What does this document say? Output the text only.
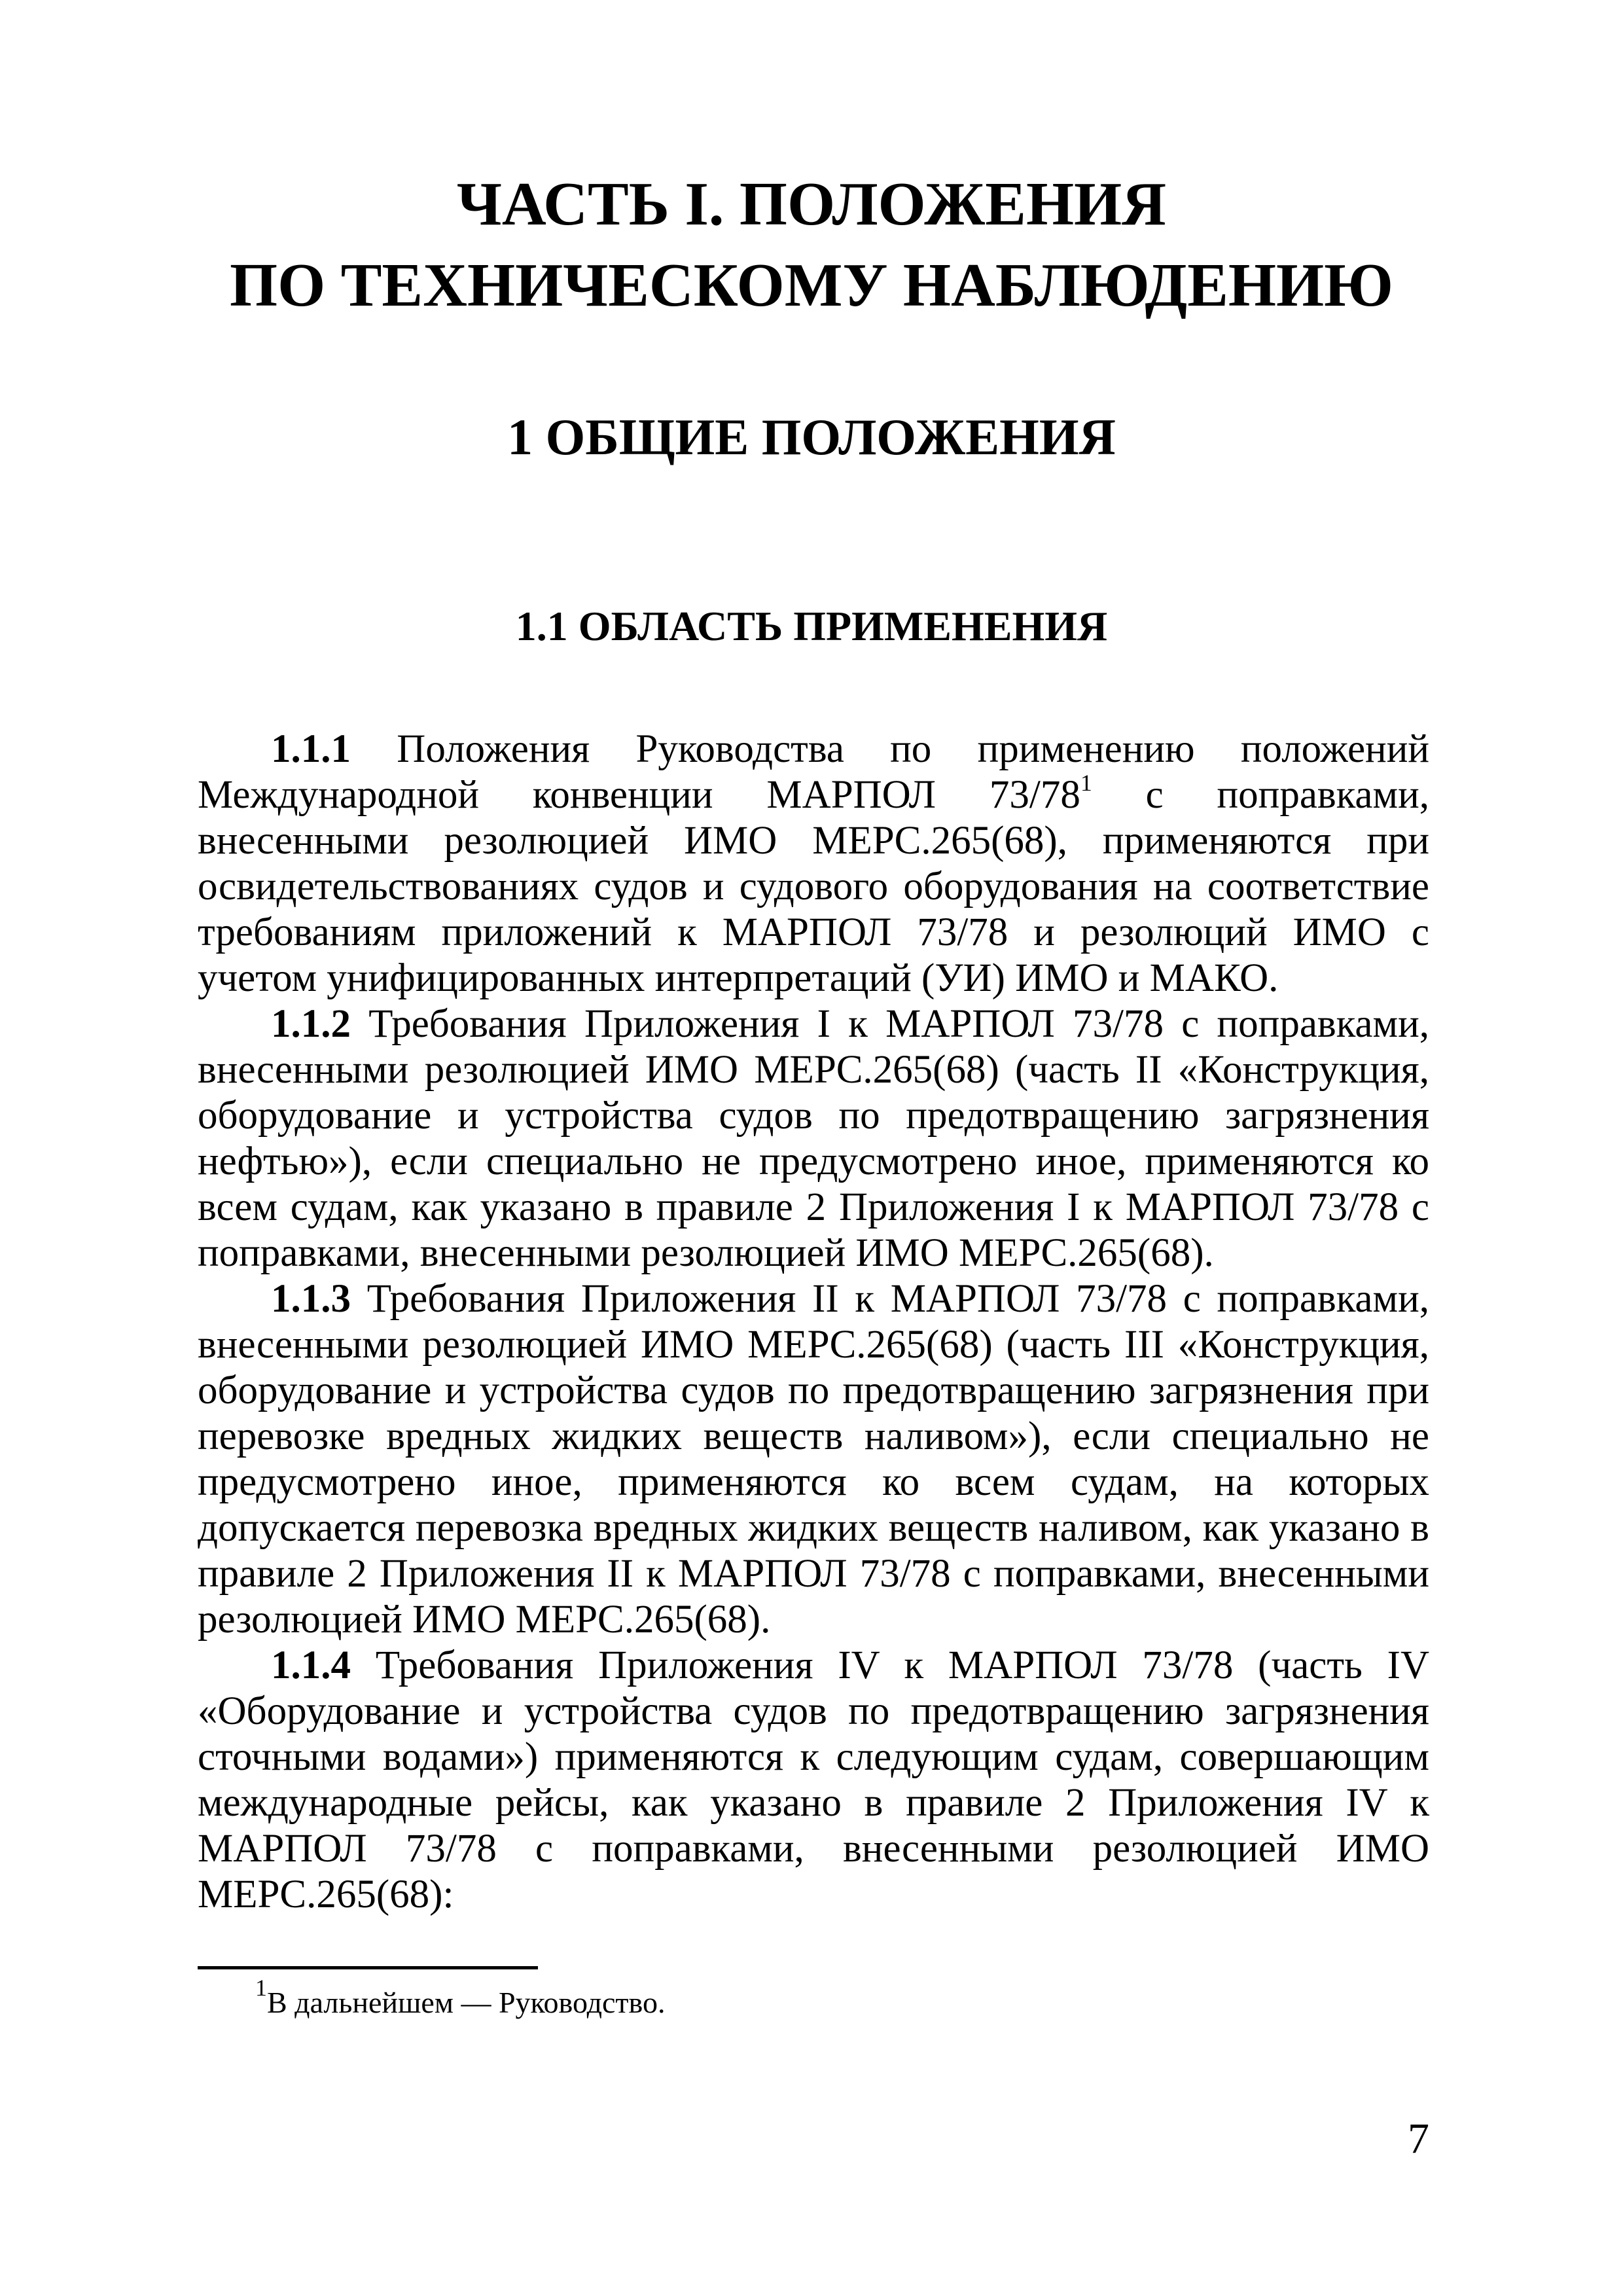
ЧАСТЬ I. ПОЛОЖЕНИЯ
ПО ТЕХНИЧЕСКОМУ НАБЛЮДЕНИЮ
1 ОБЩИЕ ПОЛОЖЕНИЯ
1.1 ОБЛАСТЬ ПРИМЕНЕНИЯ

1.1.1 Положения Руководства по применению положений Международной конвенции МАРПОЛ $73/78^1$ с поправками, внесенными резолюцией ИМО MEPC.265(68), применяются при освидетельствованиях судов и судового оборудования на соответствие требованиям приложений к МАРПОЛ 73/78 и резолюций ИМО с учетом унифицированных интерпретаций (УИ) ИМО и МАКО.

1.1.2 Требования Приложения I к МАРПОЛ 73/78 с поправками, внесенными резолюцией ИМО MEPC.265(68) (часть II «Конструкция, оборудование и устройства судов по предотвращению загрязнения нефтью»), если специально не предусмотрено иное, применяются ко всем судам, как указано в правиле 2 Приложения I к МАРПОЛ 73/78 с поправками, внесенными резолюцией ИМО MEPC.265(68).

1.1.3 Требования Приложения II к МАРПОЛ 73/78 с поправками, внесенными резолюцией ИМО MEPC.265(68) (часть III «Конструкция, оборудование и устройства судов по предотвращению загрязнения при перевозке вредных жидких веществ наливом»), если специально не предусмотрено иное, применяются ко всем судам, на которых допускается перевозка вредных жидких веществ наливом, как указано в правиле 2 Приложения II к МАРПОЛ 73/78 с поправками, внесенными резолюцией ИМО MEPC.265(68).

1.1.4 Требования Приложения IV к МАРПОЛ 73/78 (часть IV «Оборудование и устройства судов по предотвращению загрязнения сточными водами») применяются к следующим судам, совершающим международные рейсы, как указано в правиле 2 Приложения IV к МАРПОЛ 73/78 с поправками, внесенными резолюцией ИМО MEPC.265(68):

$^1$В дальнейшем — Руководство.

7
